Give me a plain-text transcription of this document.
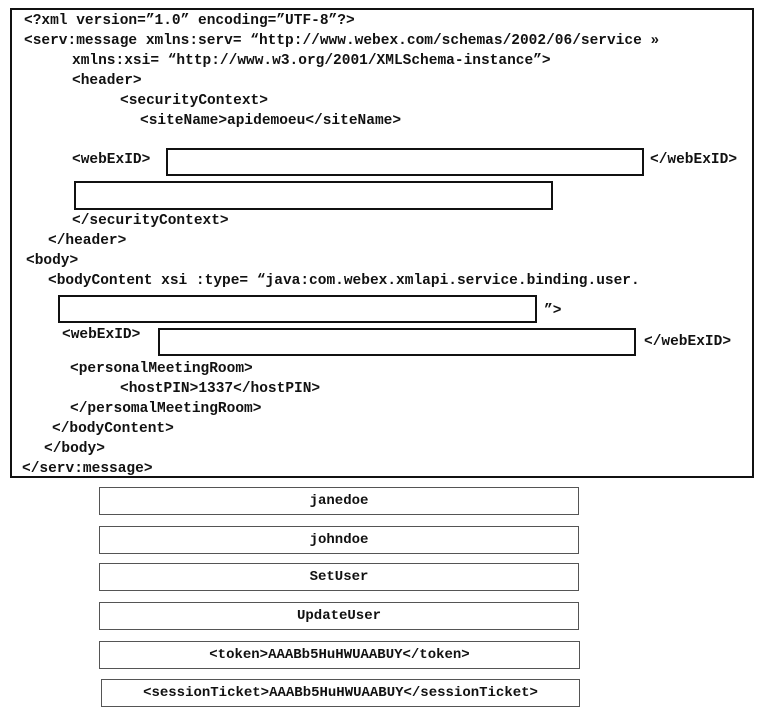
<?xml version=”1.0” encoding=”UTF-8”?>
<serv:message xmlns:serv= “http://www.webex.com/schemas/2002/06/service »
xmlns:xsi= “http://www.w3.org/2001/XMLSchema-instance”>
<header>
<securityContext>
<siteName>apidemoeu</siteName>
<webExID>	</webExID>
</securityContext>
</header>
<body>
<bodyContent xsi :type= “java:com.webex.xmlapi.service.binding.user.
”>
<webExID>	</webExID>
<personalMeetingRoom>
<hostPIN>1337</hostPIN>
</persomalMeetingRoom>
</bodyContent>
</body>
</serv:message>
janedoe
johndoe
SetUser
UpdateUser
<token>AAABb5HuHWUAABUY</token>
<sessionTicket>AAABb5HuHWUAABUY</sessionTicket>
